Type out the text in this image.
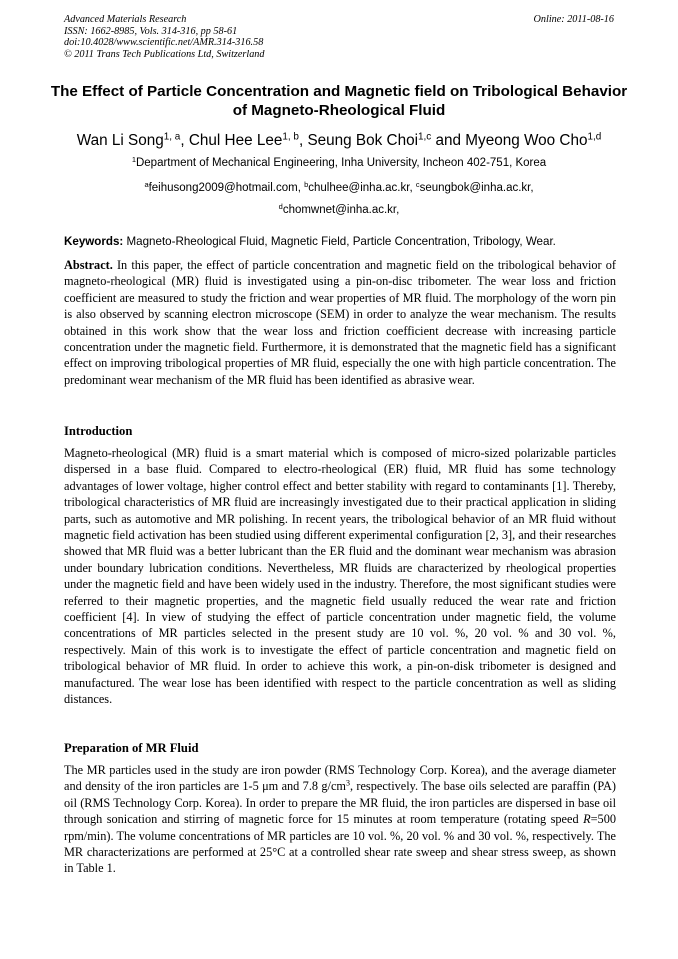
Advanced Materials Research
ISSN: 1662-8985, Vols. 314-316, pp 58-61
doi:10.4028/www.scientific.net/AMR.314-316.58
© 2011 Trans Tech Publications Ltd, Switzerland
Online: 2011-08-16
The Effect of Particle Concentration and Magnetic field on Tribological Behavior of Magneto-Rheological Fluid
Wan Li Song$^{1, a}$, Chul Hee Lee$^{1, b}$, Seung Bok Choi$^{1,c}$ and Myeong Woo Cho$^{1,d}$
$^1$Department of Mechanical Engineering, Inha University, Incheon 402-751, Korea
$^a$feihusong2009@hotmail.com, $^b$chulhee@inha.ac.kr, $^c$seungbok@inha.ac.kr,
$^d$chomwnet@inha.ac.kr,
Keywords: Magneto-Rheological Fluid, Magnetic Field, Particle Concentration, Tribology, Wear.
Abstract. In this paper, the effect of particle concentration and magnetic field on the tribological behavior of magneto-rheological (MR) fluid is investigated using a pin-on-disc tribometer. The wear loss and friction coefficient are measured to study the friction and wear properties of MR fluid. The morphology of the worn pin is also observed by scanning electron microscope (SEM) in order to analyze the wear mechanism. The results obtained in this work show that the wear loss and friction coefficient decrease with increasing particle concentration under the magnetic field. Furthermore, it is demonstrated that the magnetic field has a significant effect on improving tribological properties of MR fluid, especially the one with high particle concentration. The predominant wear mechanism of the MR fluid has been identified as abrasive wear.
Introduction
Magneto-rheological (MR) fluid is a smart material which is composed of micro-sized polarizable particles dispersed in a base fluid. Compared to electro-rheological (ER) fluid, MR fluid has some technology advantages of lower voltage, higher control effect and better stability with regard to contaminants [1]. Thereby, tribological characteristics of MR fluid are increasingly investigated due to their practical application in sliding parts, such as automotive and MR polishing. In recent years, the tribological behavior of an MR fluid without magnetic field activation has been studied using different experimental configuration [2, 3], and their researches showed that MR fluid was a better lubricant than the ER fluid and the dominant wear mechanism was abrasion under boundary lubrication conditions. Nevertheless, MR fluids are characterized by rheological properties under the magnetic field and have been widely used in the industry. Therefore, the most significant studies were referred to their magnetic properties, and the magnetic field usually reduced the wear rate and friction coefficient [4]. In view of studying the effect of particle concentration under magnetic field, the volume concentrations of MR particles selected in the present study are 10 vol. %, 20 vol. % and 30 vol. %, respectively. Main of this work is to investigate the effect of particle concentration and magnetic field on tribological behavior of MR fluid. In order to achieve this work, a pin-on-disk tribometer is designed and manufactured. The wear lose has been identified with respect to the particle concentration as well as sliding distances.
Preparation of MR Fluid
The MR particles used in the study are iron powder (RMS Technology Corp. Korea), and the average diameter and density of the iron particles are 1-5 μm and 7.8 $g/cm^3$, respectively. The base oils selected are paraffin (PA) oil (RMS Technology Corp. Korea). In order to prepare the MR fluid, the iron particles are dispersed in base oil through sonication and stirring of magnetic force for 15 minutes at room temperature (rotating speed R=500 rpm/min). The volume concentrations of MR particles are 10 vol. %, 20 vol. % and 30 vol. %, respectively. The MR characterizations are performed at 25°C at a controlled shear rate sweep and shear stress sweep, as shown in Table 1.
